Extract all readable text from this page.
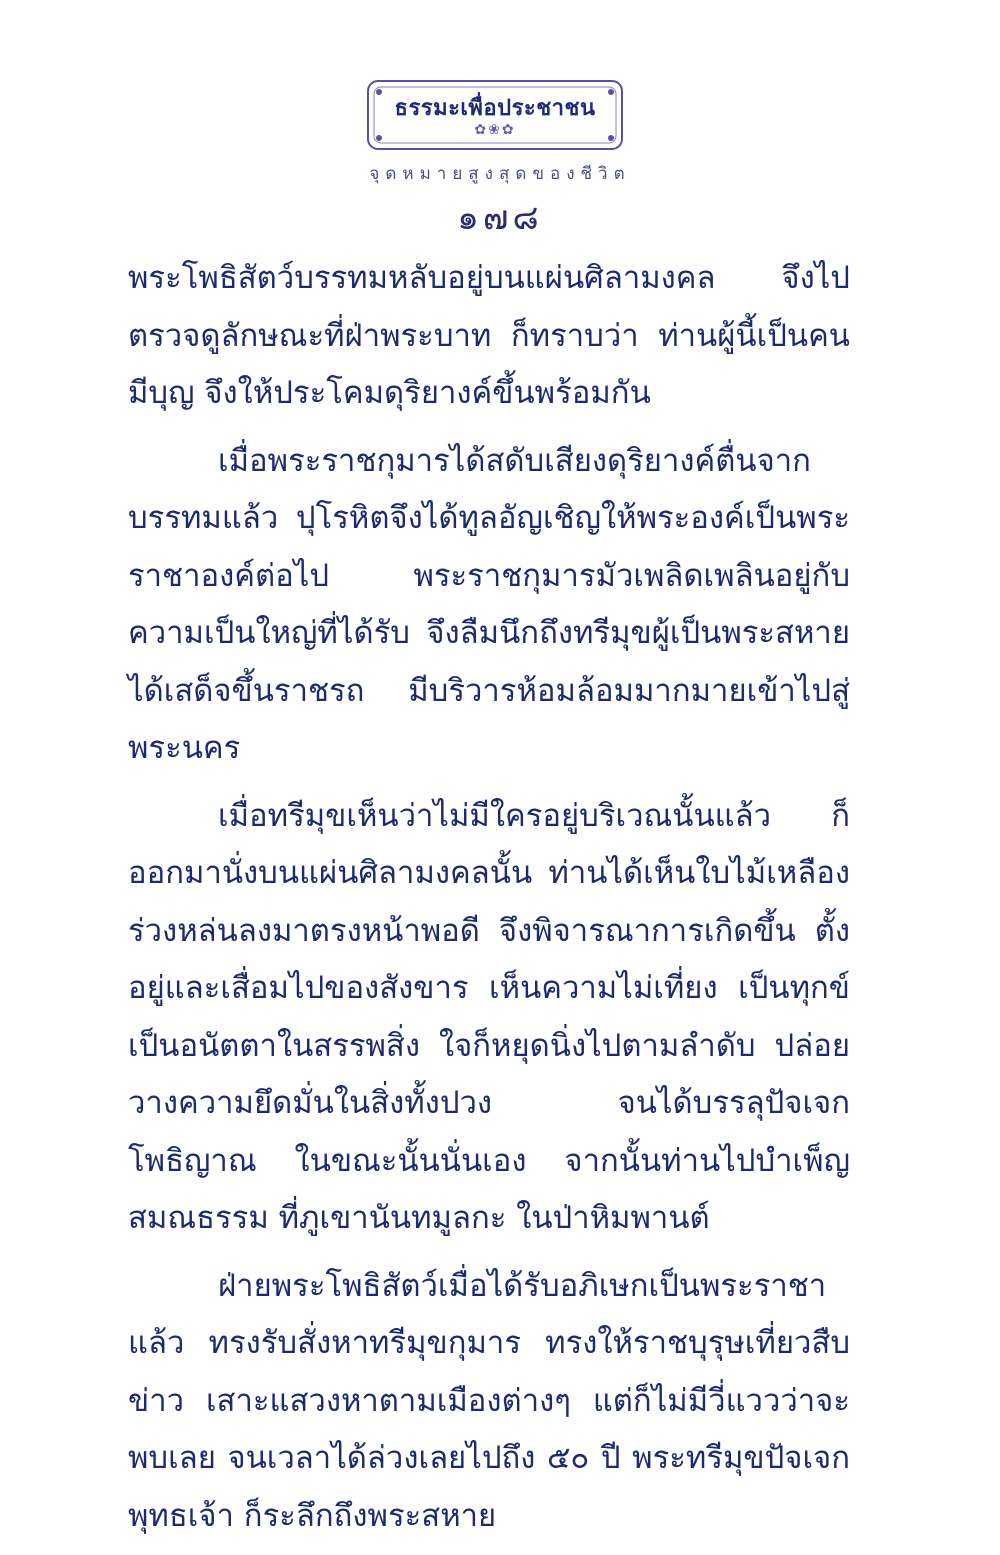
ธรรมะเพื่อประชาชน
✿❀✿
จุดหมายสูงสุดของชีวิต
๑๗๘

พระโพธิสัตว์บรรทมหลับอยู่บนแผ่นศิลามงคล จึงไปตรวจดูลักษณะที่ฝ่าพระบาท ก็ทราบว่า ท่านผู้นี้เป็นคนมีบุญ จึงให้ประโคมดุริยางค์ขึ้นพร้อมกัน

เมื่อพระราชกุมารได้สดับเสียงดุริยางค์ตื่นจากบรรทมแล้ว ปุโรหิตจึงได้ทูลอัญเชิญให้พระองค์เป็นพระราชาองค์ต่อไป พระราชกุมารมัวเพลิดเพลินอยู่กับความเป็นใหญ่ที่ได้รับ จึงลืมนึกถึงทรีมุขผู้เป็นพระสหาย ได้เสด็จขึ้นราชรถ มีบริวารห้อมล้อมมากมายเข้าไปสู่พระนคร

เมื่อทรีมุขเห็นว่าไม่มีใครอยู่บริเวณนั้นแล้ว ก็ออกมานั่งบนแผ่นศิลามงคลนั้น ท่านได้เห็นใบไม้เหลืองร่วงหล่นลงมาตรงหน้าพอดี จึงพิจารณาการเกิดขึ้น ตั้งอยู่และเสื่อมไปของสังขาร เห็นความไม่เที่ยง เป็นทุกข์ เป็นอนัตตาในสรรพสิ่ง ใจก็หยุดนิ่งไปตามลำดับ ปล่อยวางความยึดมั่นในสิ่งทั้งปวง จนได้บรรลุปัจเจกโพธิญาณ ในขณะนั้นนั่นเอง จากนั้นท่านไปบำเพ็ญสมณธรรม ที่ภูเขานันทมูลกะ ในป่าหิมพานต์

ฝ่ายพระโพธิสัตว์เมื่อได้รับอภิเษกเป็นพระราชาแล้ว ทรงรับสั่งหาทรีมุขกุมาร ทรงให้ราชบุรุษเที่ยวสืบข่าว เสาะแสวงหาตามเมืองต่างๆ แต่ก็ไม่มีวี่แววว่าจะพบเลย จนเวลาได้ล่วงเลยไปถึง ๕๐ ปี พระทรีมุขปัจเจกพุทธเจ้า ก็ระลึกถึงพระสหาย
